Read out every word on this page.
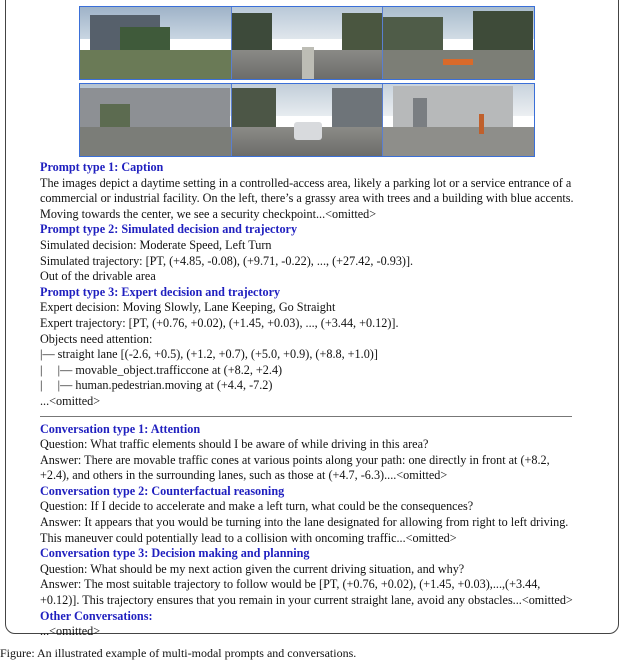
Prompt type 1: Caption
The images depict a daytime setting in a controlled-access area, likely a parking lot or a service entrance of a
commercial or industrial facility. On the left, there’s a grassy area with trees and a building with blue accents.
Moving towards the center, we see a security checkpoint...<omitted>
Prompt type 2: Simulated decision and trajectory
Simulated decision: Moderate Speed, Left Turn
Simulated trajectory: [PT, (+4.85, -0.08), (+9.71, -0.22), ..., (+27.42, -0.93)].
Out of the drivable area
Prompt type 3: Expert decision and trajectory
Expert decision: Moving Slowly, Lane Keeping, Go Straight
Expert trajectory: [PT, (+0.76, +0.02), (+1.45, +0.03), ..., (+3.44, +0.12)].
Objects need attention:
|— straight lane [(-2.6, +0.5), (+1.2, +0.7), (+5.0, +0.9), (+8.8, +1.0)]
|     |— movable_object.trafficcone at (+8.2, +2.4)
|     |— human.pedestrian.moving at (+4.4, -7.2)
...<omitted>
Conversation type 1: Attention
Question: What traffic elements should I be aware of while driving in this area?
Answer: There are movable traffic cones at various points along your path: one directly in front at (+8.2,
+2.4), and others in the surrounding lanes, such as those at (+4.7, -6.3)....<omitted>
Conversation type 2: Counterfactual reasoning
Question: If I decide to accelerate and make a left turn, what could be the consequences?
Answer: It appears that you would be turning into the lane designated for allowing from right to left driving.
This maneuver could potentially lead to a collision with oncoming traffic...<omitted>
Conversation type 3: Decision making and planning
Question: What should be my next action given the current driving situation, and why?
Answer: The most suitable trajectory to follow would be [PT, (+0.76, +0.02), (+1.45, +0.03),...,(+3.44,
+0.12)]. This trajectory ensures that you remain in your current straight lane, avoid any obstacles...<omitted>
Other Conversations:
...<omitted>
Figure: An illustrated example of multi-modal prompts and conversations.
